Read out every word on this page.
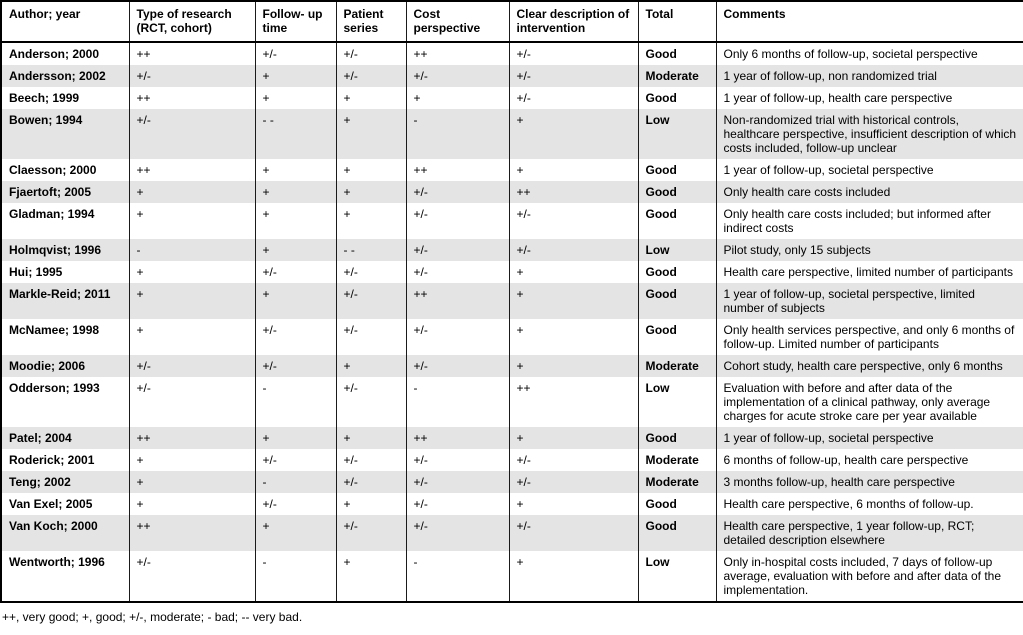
Author; year	Type of research (RCT, cohort)	Follow- up time	Patient series	Cost perspective	Clear description of intervention	Total	Comments
Anderson; 2000	++	+/-	+/-	++	+/-	Good	Only 6 months of follow-up, societal perspective
Andersson; 2002	+/-	+	+/-	+/-	+/-	Moderate	1 year of follow-up, non randomized trial
Beech; 1999	++	+	+	+	+/-	Good	1 year of follow-up, health care perspective
Bowen; 1994	+/-	- -	+	-	+	Low	Non-randomized trial with historical controls, healthcare perspective, insufficient description of which costs included, follow-up unclear
Claesson; 2000	++	+	+	++	+	Good	1 year of follow-up, societal perspective
Fjaertoft; 2005	+	+	+	+/-	++	Good	Only health care costs included
Gladman; 1994	+	+	+	+/-	+/-	Good	Only health care costs included; but informed after indirect costs
Holmqvist; 1996	-	+	- -	+/-	+/-	Low	Pilot study, only 15 subjects
Hui; 1995	+	+/-	+/-	+/-	+	Good	Health care perspective, limited number of participants
Markle-Reid; 2011	+	+	+/-	++	+	Good	1 year of follow-up, societal perspective, limited number of subjects
McNamee; 1998	+	+/-	+/-	+/-	+	Good	Only health services perspective, and only 6 months of follow-up. Limited number of participants
Moodie; 2006	+/-	+/-	+	+/-	+	Moderate	Cohort study, health care perspective, only 6 months
Odderson; 1993	+/-	-	+/-	-	++	Low	Evaluation with before and after data of the implementation of a clinical pathway, only average charges for acute stroke care per year available
Patel; 2004	++	+	+	++	+	Good	1 year of follow-up, societal perspective
Roderick; 2001	+	+/-	+/-	+/-	+/-	Moderate	6 months of follow-up, health care perspective
Teng; 2002	+	-	+/-	+/-	+/-	Moderate	3 months follow-up, health care perspective
Van Exel; 2005	+	+/-	+	+/-	+	Good	Health care perspective, 6 months of follow-up.
Van Koch; 2000	++	+	+/-	+/-	+/-	Good	Health care perspective, 1 year follow-up, RCT; detailed description elsewhere
Wentworth; 1996	+/-	-	+	-	+	Low	Only in-hospital costs included, 7 days of follow-up average, evaluation with before and after data of the implementation.

++, very good; +, good; +/-, moderate; - bad; -- very bad.
